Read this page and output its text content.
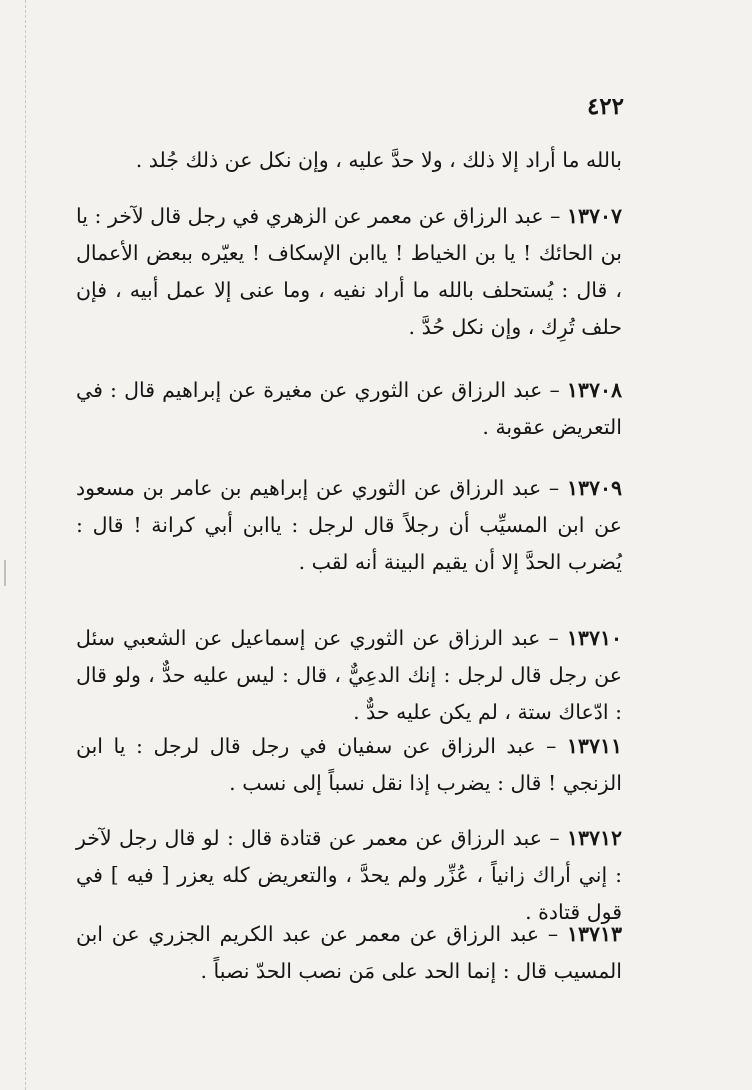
٤٢٢

بالله ما أراد إلا ذلك ، ولا حدَّ عليه ، وإن نكل عن ذلك جُلد .

١٣٧٠٧ – عبد الرزاق عن معمر عن الزهري في رجل قال لآخر : يا بن الحائك ! يا بن الخياط ! ياابن الإسكاف ! يعيّره ببعض الأعمال ، قال : يُستحلف بالله ما أراد نفيه ، وما عنى إلا عمل أبيه ، فإن حلف تُرِك ، وإن نكل حُدَّ .

١٣٧٠٨ – عبد الرزاق عن الثوري عن مغيرة عن إبراهيم قال : في التعريض عقوبة .

١٣٧٠٩ – عبد الرزاق عن الثوري عن إبراهيم بن عامر بن مسعود عن ابن المسيِّب أن رجلاً قال لرجل : ياابن أبي كرانة ! قال : يُضرب الحدَّ إلا أن يقيم البينة أنه لقب .

١٣٧١٠ – عبد الرزاق عن الثوري عن إسماعيل عن الشعبي سئل عن رجل قال لرجل : إنك الدعِيٌّ ، قال : ليس عليه حدٌّ ، ولو قال : ادّعاك ستة ، لم يكن عليه حدٌّ .

١٣٧١١ – عبد الرزاق عن سفيان في رجل قال لرجل : يا ابن الزنجي ! قال : يضرب إذا نقل نسباً إلى نسب .

١٣٧١٢ – عبد الرزاق عن معمر عن قتادة قال : لو قال رجل لآخر : إني أراك زانياً ، عُزِّر ولم يحدَّ ، والتعريض كله يعزر [ فيه ] في قول قتادة .

١٣٧١٣ – عبد الرزاق عن معمر عن عبد الكريم الجزري عن ابن المسيب قال : إنما الحد على مَن نصب الحدّ نصباً .
